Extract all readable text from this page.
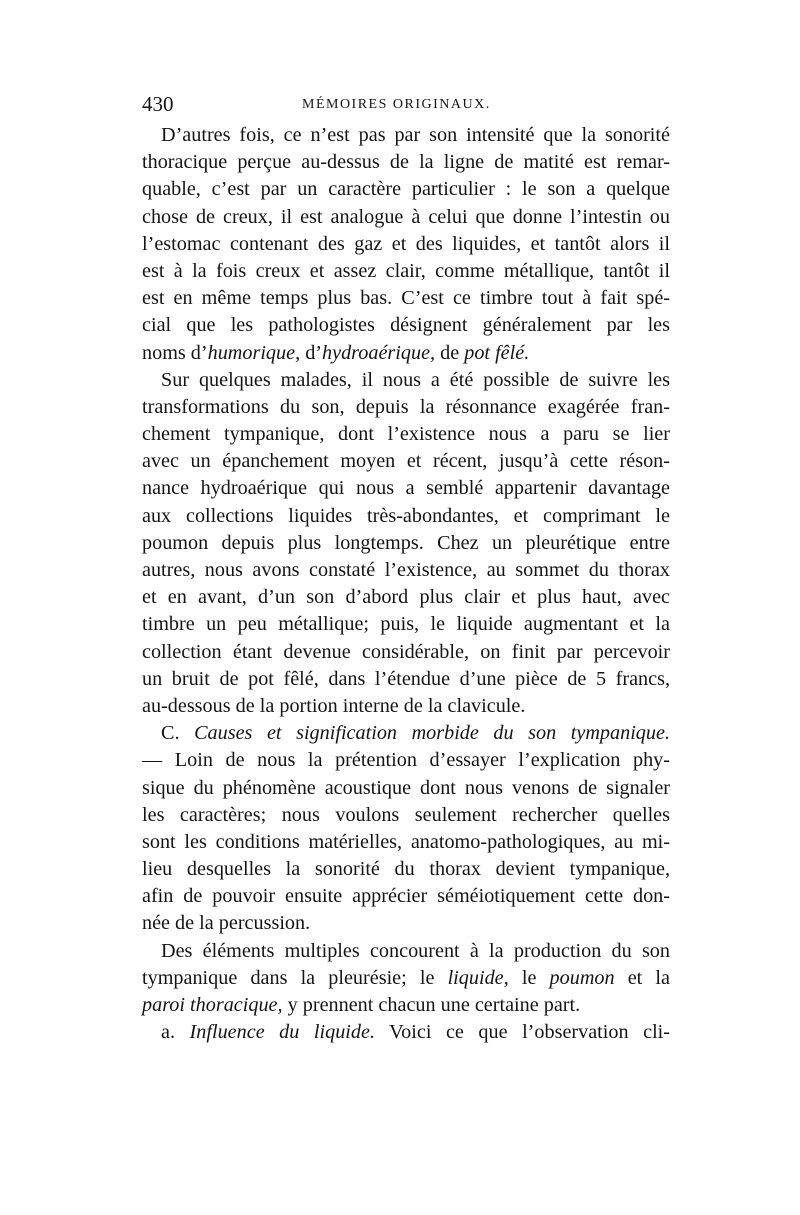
430	MÉMOIRES ORIGINAUX.
D’autres fois, ce n’est pas par son intensité que la sonorité
thoracique perçue au-dessus de la ligne de matité est remar-
quable, c’est par un caractère particulier : le son a quelque
chose de creux, il est analogue à celui que donne l’intestin ou
l’estomac contenant des gaz et des liquides, et tantôt alors il
est à la fois creux et assez clair, comme métallique, tantôt il
est en même temps plus bas. C’est ce timbre tout à fait spé-
cial que les pathologistes désignent généralement par les
noms d’humorique, d’hydroaérique, de pot fêlé.
Sur quelques malades, il nous a été possible de suivre les
transformations du son, depuis la résonnance exagérée fran-
chement tympanique, dont l’existence nous a paru se lier
avec un épanchement moyen et récent, jusqu’à cette réson-
nance hydroaérique qui nous a semblé appartenir davantage
aux collections liquides très-abondantes, et comprimant le
poumon depuis plus longtemps. Chez un pleurétique entre
autres, nous avons constaté l’existence, au sommet du thorax
et en avant, d’un son d’abord plus clair et plus haut, avec
timbre un peu métallique; puis, le liquide augmentant et la
collection étant devenue considérable, on finit par percevoir
un bruit de pot fêlé, dans l’étendue d’une pièce de 5 francs,
au-dessous de la portion interne de la clavicule.
C. Causes et signification morbide du son tympanique.
— Loin de nous la prétention d’essayer l’explication phy-
sique du phénomène acoustique dont nous venons de signaler
les caractères; nous voulons seulement rechercher quelles
sont les conditions matérielles, anatomo-pathologiques, au mi-
lieu desquelles la sonorité du thorax devient tympanique,
afin de pouvoir ensuite apprécier séméiotiquement cette don-
née de la percussion.
Des éléments multiples concourent à la production du son
tympanique dans la pleurésie; le liquide, le poumon et la
paroi thoracique, y prennent chacun une certaine part.
a. Influence du liquide. Voici ce que l’observation cli-
